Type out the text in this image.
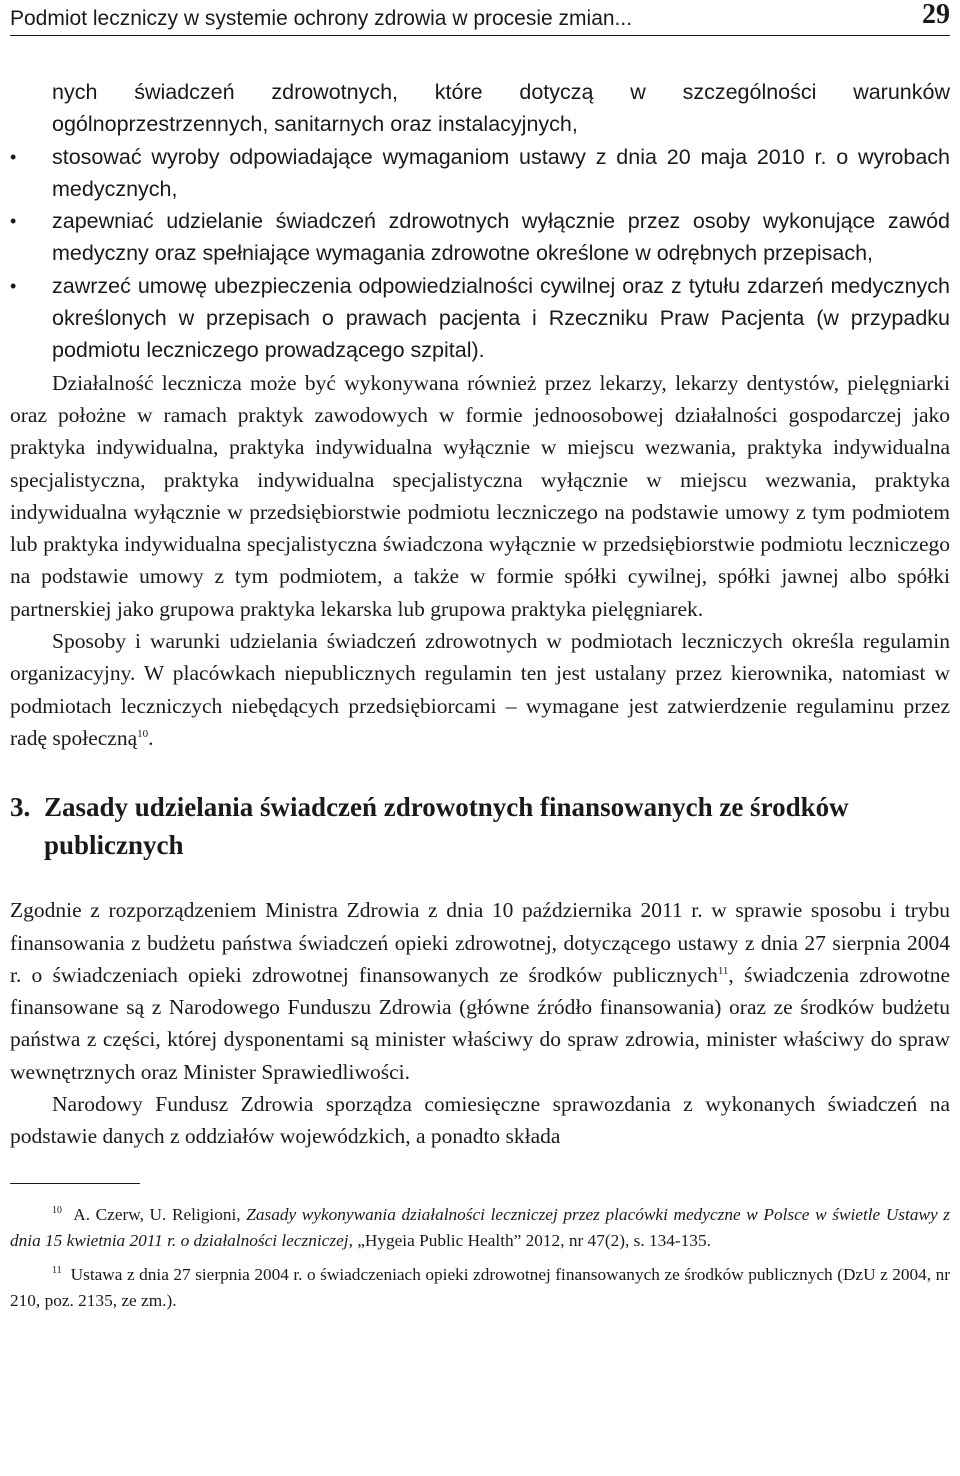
Podmiot leczniczy w systemie ochrony zdrowia w procesie zmian...	29
nych świadczeń zdrowotnych, które dotyczą w szczególności warunków ogólnoprzestrzennych, sanitarnych oraz instalacyjnych,
• stosować wyroby odpowiadające wymaganiom ustawy z dnia 20 maja 2010 r. o wyrobach medycznych,
• zapewniać udzielanie świadczeń zdrowotnych wyłącznie przez osoby wykonujące zawód medyczny oraz spełniające wymagania zdrowotne określone w odrębnych przepisach,
• zawrzeć umowę ubezpieczenia odpowiedzialności cywilnej oraz z tytułu zdarzeń medycznych określonych w przepisach o prawach pacjenta i Rzeczniku Praw Pacjenta (w przypadku podmiotu leczniczego prowadzącego szpital).

Działalność lecznicza może być wykonywana również przez lekarzy, lekarzy dentystów, pielęgniarki oraz położne w ramach praktyk zawodowych w formie jednoosobowej działalności gospodarczej jako praktyka indywidualna, praktyka indywidualna wyłącznie w miejscu wezwania, praktyka indywidualna specjalistyczna, praktyka indywidualna specjalistyczna wyłącznie w miejscu wezwania, praktyka indywidualna wyłącznie w przedsiębiorstwie podmiotu leczniczego na podstawie umowy z tym podmiotem lub praktyka indywidualna specjalistyczna świadczona wyłącznie w przedsiębiorstwie podmiotu leczniczego na podstawie umowy z tym podmiotem, a także w formie spółki cywilnej, spółki jawnej albo spółki partnerskiej jako grupowa praktyka lekarska lub grupowa praktyka pielęgniarek.

Sposoby i warunki udzielania świadczeń zdrowotnych w podmiotach leczniczych określa regulamin organizacyjny. W placówkach niepublicznych regulamin ten jest ustalany przez kierownika, natomiast w podmiotach leczniczych niebędących przedsiębiorcami – wymagane jest zatwierdzenie regulaminu przez radę społeczną$^{10}$.

3. Zasady udzielania świadczeń zdrowotnych finansowanych ze środków publicznych

Zgodnie z rozporządzeniem Ministra Zdrowia z dnia 10 października 2011 r. w sprawie sposobu i trybu finansowania z budżetu państwa świadczeń opieki zdrowotnej, dotyczącego ustawy z dnia 27 sierpnia 2004 r. o świadczeniach opieki zdrowotnej finansowanych ze środków publicznych$^{11}$, świadczenia zdrowotne finansowane są z Narodowego Funduszu Zdrowia (główne źródło finansowania) oraz ze środków budżetu państwa z części, której dysponentami są minister właściwy do spraw zdrowia, minister właściwy do spraw wewnętrznych oraz Minister Sprawiedliwości.

Narodowy Fundusz Zdrowia sporządza comiesięczne sprawozdania z wykonanych świadczeń na podstawie danych z oddziałów wojewódzkich, a ponadto składa

$^{10}$ A. Czerw, U. Religioni, Zasady wykonywania działalności leczniczej przez placówki medyczne w Polsce w świetle Ustawy z dnia 15 kwietnia 2011 r. o działalności leczniczej, „Hygeia Public Health” 2012, nr 47(2), s. 134-135.

$^{11}$ Ustawa z dnia 27 sierpnia 2004 r. o świadczeniach opieki zdrowotnej finansowanych ze środków publicznych (DzU z 2004, nr 210, poz. 2135, ze zm.).
